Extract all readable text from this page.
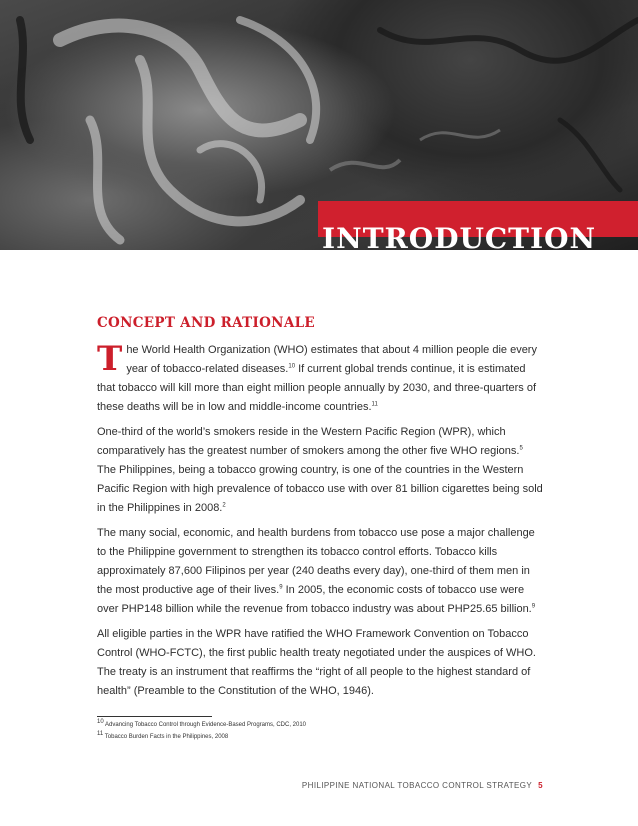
INTRODUCTION
CONCEPT AND RATIONALE

The World Health Organization (WHO) estimates that about 4 million people die every year of tobacco-related diseases.$^{10}$ If current global trends continue, it is estimated that tobacco will kill more than eight million people annually by 2030, and three-quarters of these deaths will be in low and middle-income countries.$^{11}$

One-third of the world’s smokers reside in the Western Pacific Region (WPR), which comparatively has the greatest number of smokers among the other five WHO regions.$^5$ The Philippines, being a tobacco growing country, is one of the countries in the Western Pacific Region with high prevalence of tobacco use with over 81 billion cigarettes being sold in the Philippines in 2008.$^2$

The many social, economic, and health burdens from tobacco use pose a major challenge to the Philippine government to strengthen its tobacco control efforts. Tobacco kills approximately 87,600 Filipinos per year (240 deaths every day), one-third of them men in the most productive age of their lives.$^9$ In 2005, the economic costs of tobacco use were over PHP148 billion while the revenue from tobacco industry was about PHP25.65 billion.$^9$

All eligible parties in the WPR have ratified the WHO Framework Convention on Tobacco Control (WHO-FCTC), the first public health treaty negotiated under the auspices of WHO. The treaty is an instrument that reaffirms the “right of all people to the highest standard of health” (Preamble to the Constitution of the WHO, 1946).

$^{10}$ Advancing Tobacco Control through Evidence-Based Programs, CDC, 2010

$^{11}$ Tobacco Burden Facts in the Philippines, 2008

PHILIPPINE NATIONAL TOBACCO CONTROL STRATEGY 5
